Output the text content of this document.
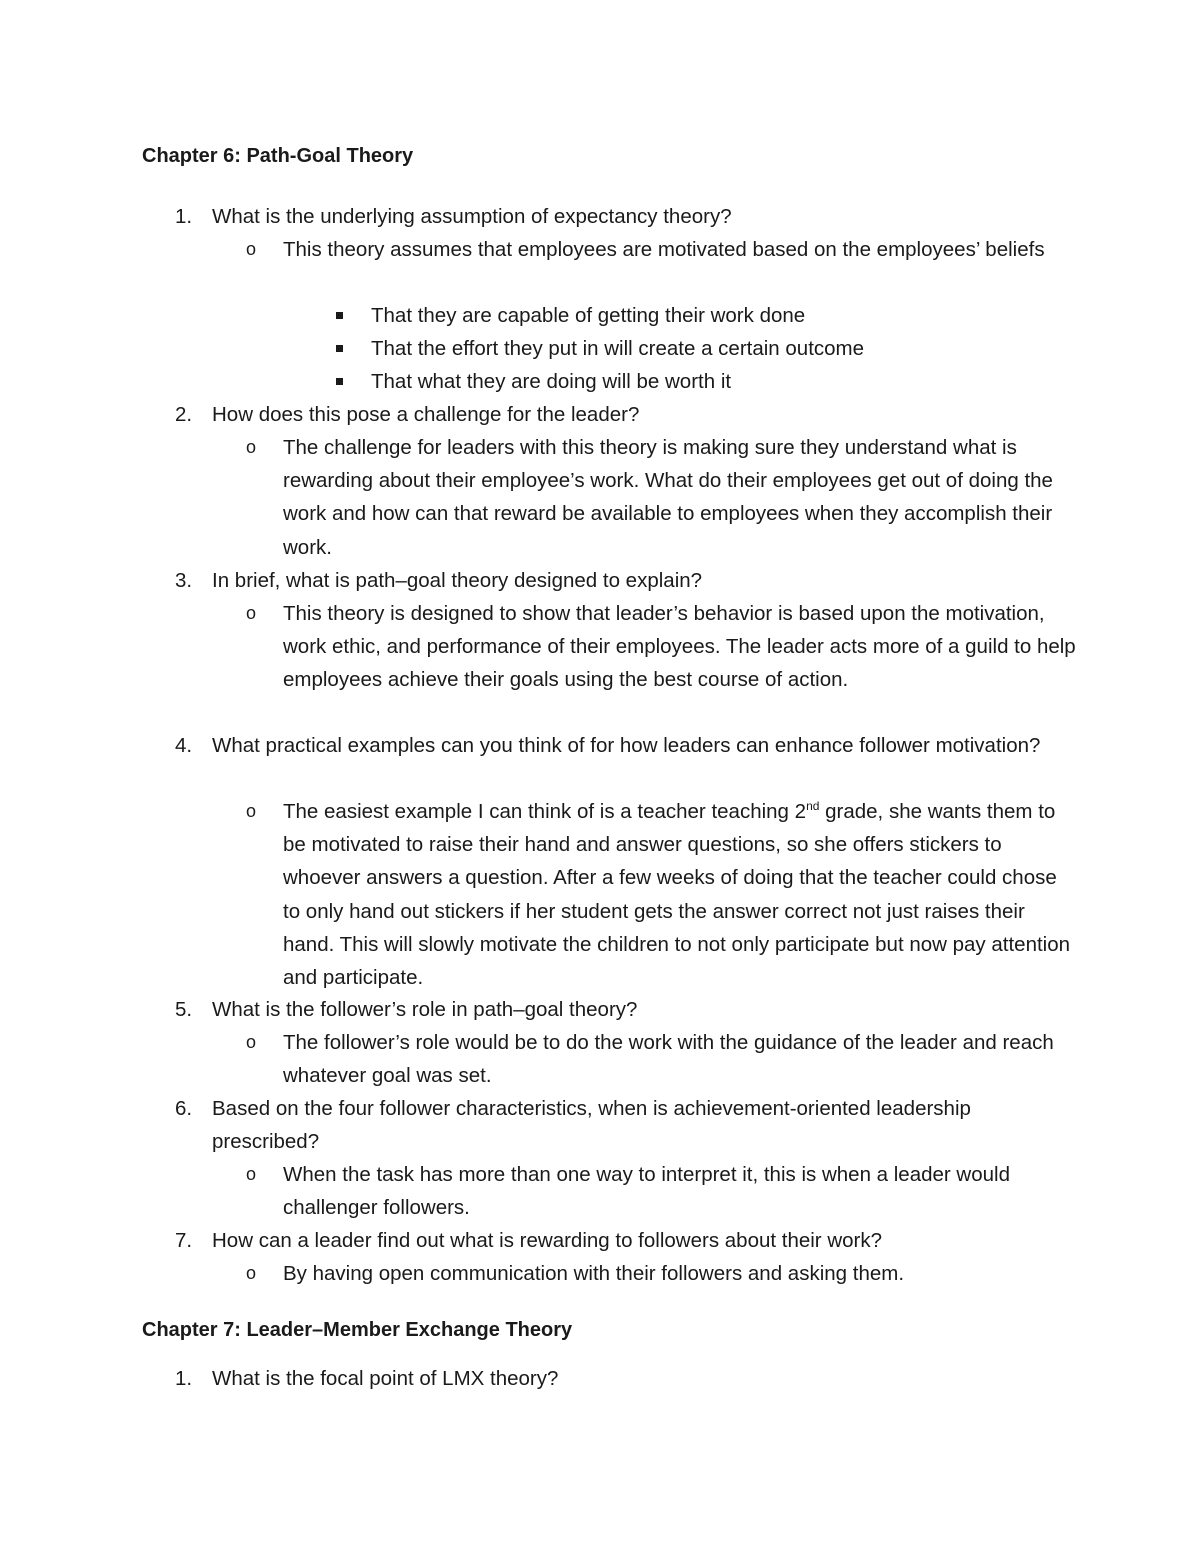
Chapter 6: Path-Goal Theory
1. What is the underlying assumption of expectancy theory?
o This theory assumes that employees are motivated based on the employees’ beliefs
That they are capable of getting their work done
That the effort they put in will create a certain outcome
That what they are doing will be worth it
2. How does this pose a challenge for the leader?
o The challenge for leaders with this theory is making sure they understand what is rewarding about their employee’s work. What do their employees get out of doing the work and how can that reward be available to employees when they accomplish their work.
3. In brief, what is path–goal theory designed to explain?
o This theory is designed to show that leader’s behavior is based upon the motivation, work ethic, and performance of their employees. The leader acts more of a guild to help employees achieve their goals using the best course of action.
4. What practical examples can you think of for how leaders can enhance follower motivation?
o The easiest example I can think of is a teacher teaching 2nd grade, she wants them to be motivated to raise their hand and answer questions, so she offers stickers to whoever answers a question. After a few weeks of doing that the teacher could chose to only hand out stickers if her student gets the answer correct not just raises their hand. This will slowly motivate the children to not only participate but now pay attention and participate.
5. What is the follower’s role in path–goal theory?
o The follower’s role would be to do the work with the guidance of the leader and reach whatever goal was set.
6. Based on the four follower characteristics, when is achievement-oriented leadership prescribed?
o When the task has more than one way to interpret it, this is when a leader would challenger followers.
7. How can a leader find out what is rewarding to followers about their work?
o By having open communication with their followers and asking them.
Chapter 7: Leader–Member Exchange Theory
1. What is the focal point of LMX theory?
